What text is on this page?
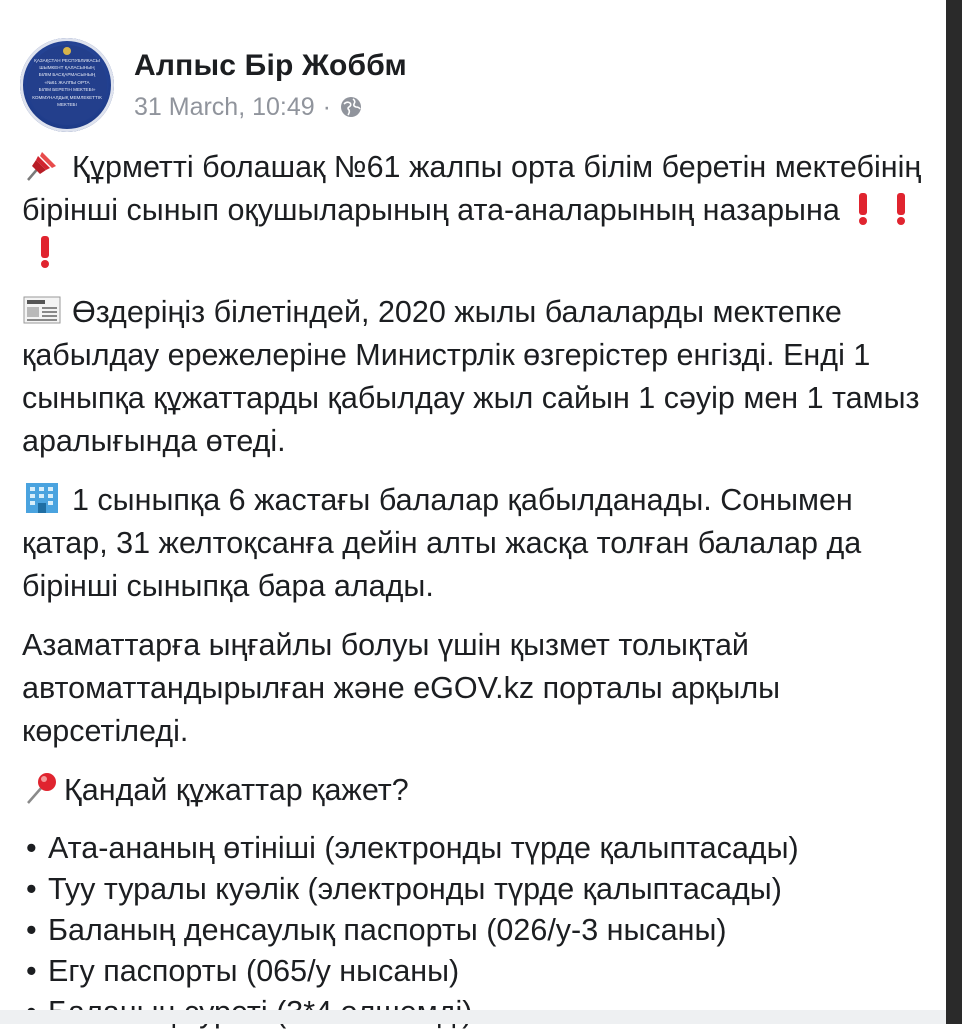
ҚАЗАҚСТАН РЕСПУБЛИКАСЫ
ШЫМКЕНТ ҚАЛАСЫНЫҢ
БІЛІМ БАСҚАРМАСЫНЫҢ
«№61 ЖАЛПЫ ОРТА
БІЛІМ БЕРЕТІН МЕКТЕБІ»
КОММУНАЛДЫҚ МЕМЛЕКЕТТІК
МЕКТЕБІ
Алпыс Бір Жоббм
31 March, 10:49 ·

Құрметті болашақ №61 жалпы орта білім беретін мектебінің бірінші сынып оқушыларының ата-аналарының назарына

Өздеріңіз білетіндей, 2020 жылы балаларды мектепке қабылдау ережелеріне Министрлік өзгерістер енгізді. Енді 1 сыныпқа құжаттарды қабылдау жыл сайын 1 сәуір мен 1 тамыз аралығында өтеді.

1 сыныпқа 6 жастағы балалар қабылданады. Сонымен қатар, 31 желтоқсанға дейін алты жасқа толған балалар да бірінші сыныпқа бара алады.

Азаматтарға ыңғайлы болуы үшін қызмет толықтай автоматтандырылған және eGOV.kz порталы арқылы көрсетіледі.

Қандай құжаттар қажет?

• Ата-ананың өтініші (электронды түрде қалыптасады)
• Туу туралы куәлік (электронды түрде қалыптасады)
• Баланың денсаулық паспорты (026/у-3 нысаны)
• Егу паспорты (065/у нысаны)
